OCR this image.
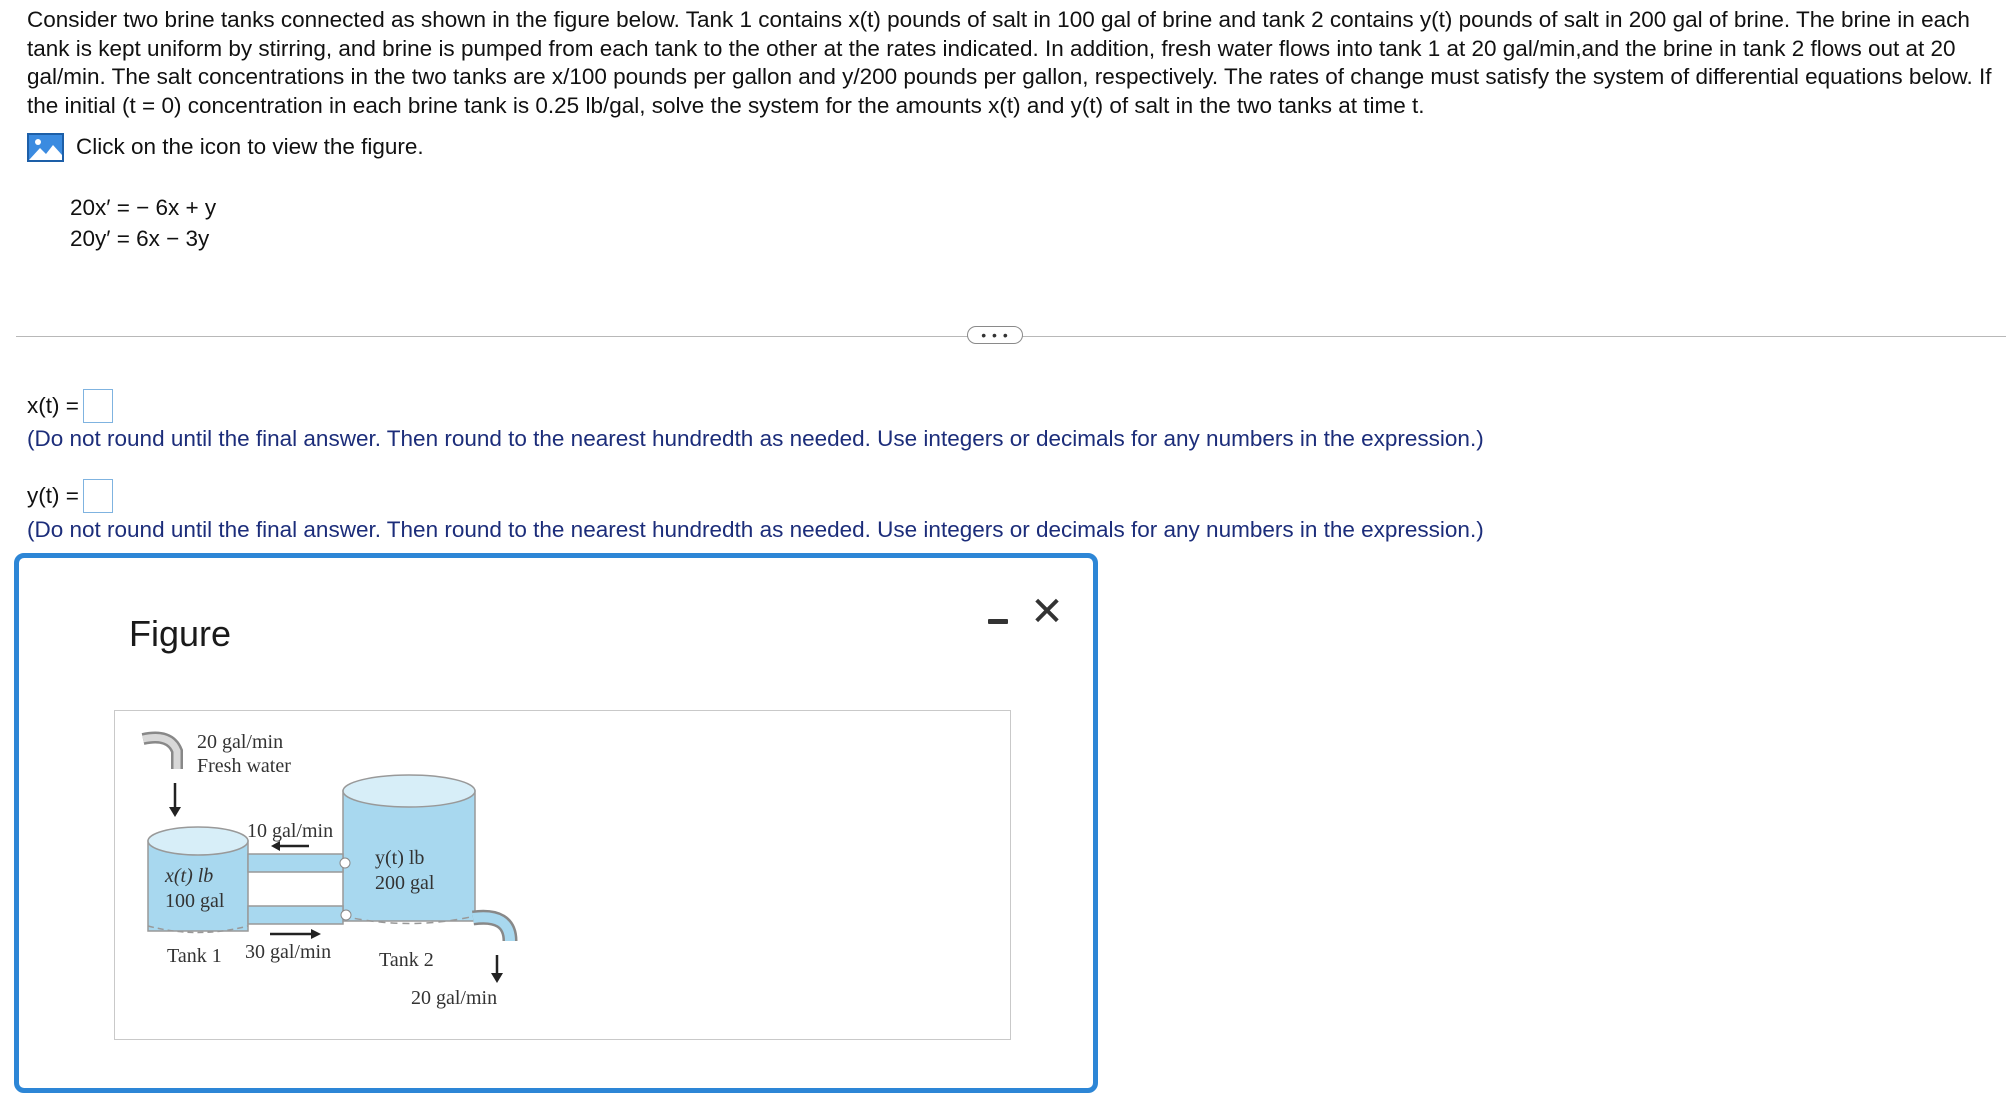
Consider two brine tanks connected as shown in the figure below. Tank 1 contains x(t) pounds of salt in 100 gal of brine and tank 2 contains y(t) pounds of salt in 200 gal of brine. The brine in each tank is kept uniform by stirring, and brine is pumped from each tank to the other at the rates indicated. In addition, fresh water flows into tank 1 at 20 gal/min,and the brine in tank 2 flows out at 20 gal/min. The salt concentrations in the two tanks are x/100 pounds per gallon and y/200 pounds per gallon, respectively. The rates of change must satisfy the system of differential equations below. If the initial (t = 0) concentration in each brine tank is 0.25 lb/gal, solve the system for the amounts x(t) and y(t) of salt in the two tanks at time t.
Click on the icon to view the figure.
20x′ = − 6x + y
20y′ = 6x − 3y
• • •
x(t) =
(Do not round until the final answer. Then round to the nearest hundredth as needed. Use integers or decimals for any numbers in the expression.)
y(t) =
(Do not round until the final answer. Then round to the nearest hundredth as needed. Use integers or decimals for any numbers in the expression.)
Figure	✕
20 gal/min
Fresh water
x(t) lb
100 gal
Tank 1
y(t) lb
200 gal
Tank 2
10 gal/min
30 gal/min
20 gal/min
